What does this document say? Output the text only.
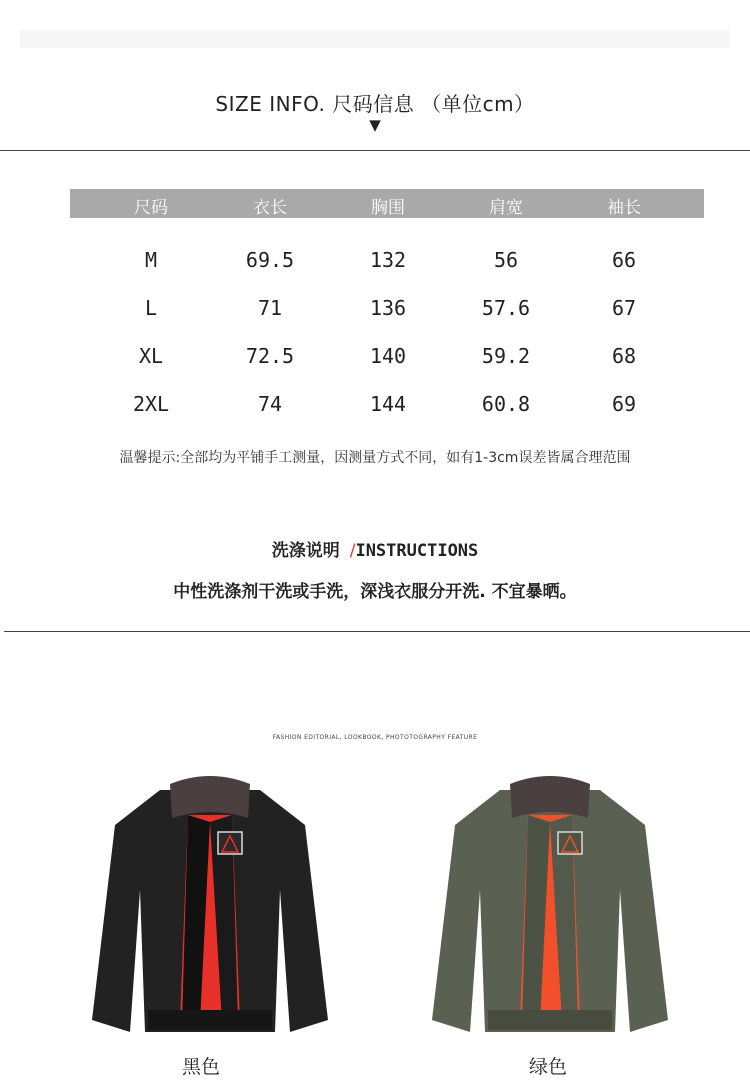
SIZE INFO. 尺码信息 （单位cm）
▼
尺码	衣长	胸围	肩宽	袖长
M	69.5	132	56	66
L	71	136	57.6	67
XL	72.5	140	59.2	68
2XL	74	144	60.8	69
温馨提示:全部均为平铺手工测量，因测量方式不同，如有1-3cm误差皆属合理范围
洗涤说明 /INSTRUCTIONS
中性洗涤剂干洗或手洗，深浅衣服分开洗. 不宜暴晒。
FASHION EDITORIAL, LOOKBOOK, PHOTOTOGRAPHY FEATURE
黑色	绿色
